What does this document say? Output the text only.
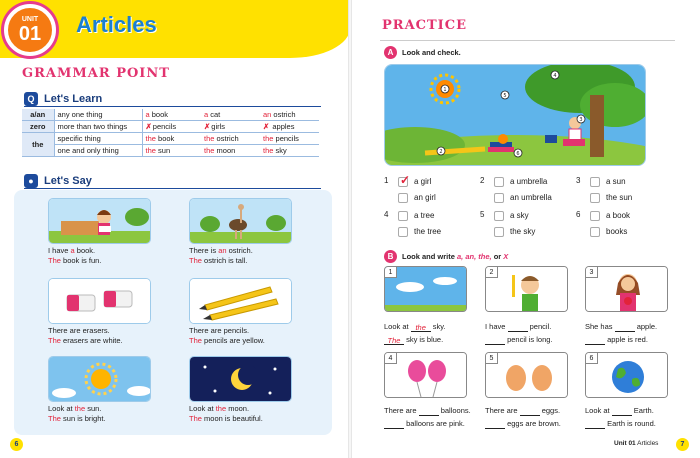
UNIT
01	Articles
GRAMMAR POINT
Q Let's Learn
a/an	any one thing	a book	a cat	an ostrich
zero	more than two things	✗pencils	✗girls	✗ apples
the	specific thing	the book	the ostrich	the pencils
	one and only thing	the sun	the moon	the sky
● Let's Say
I have a book.
The book is fun.
There is an ostrich.
The ostrich is tall.
There are erasers.
The erasers are white.
There are pencils.
The pencils are yellow.
Look at the sun.
The sun is bright.
Look at the moon.
The moon is beautiful.
6
PRACTICE
A	Look and check.
1
2
3
4
5
6
1 ✓ a girl
an girl
2	a umbrella
an umbrella
3	a sun
the sun
4	a tree
the tree
5	a sky
the sky
6	a book
books
B	Look and write a, an, the, or X
1	2	3
Look at the sky.
The sky is blue.
I have	pencil.
pencil is long.
She has	apple.
apple is red.
4	5	6
There are	balloons.
balloons are pink.
There are	eggs.
eggs are brown.
Look at	Earth.
Earth is round.
Unit 01 Articles	7
